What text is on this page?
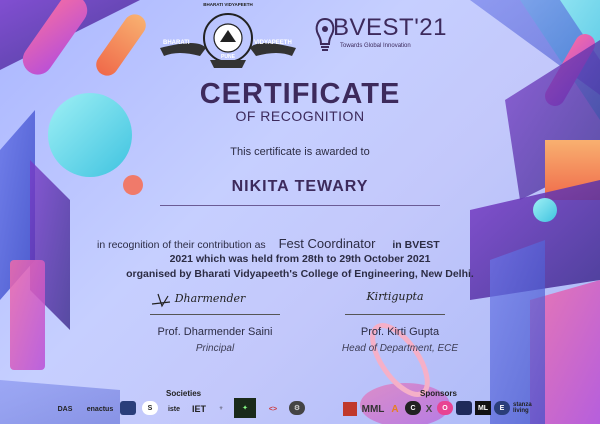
BHARATI	VIDYAPEETH
PUNE
BHARATI VIDYAPEETH
BVEST'21
Towards Global Innovation
CERTIFICATE
OF RECOGNITION
This certificate is awarded to
NIKITA TEWARY
in recognition of their contribution as Fest Coordinator in BVEST
2021 which was held from 28th to 29th October 2021
organised by Bharati Vidyapeeth's College of Engineering, New Delhi.
Dharmender
Prof. Dharmender Saini
Principal
Kirtigupta
Prof. Kirti Gupta
Head of Department, ECE
Societies
DAS	enactus	S	iste	IET	♆	✦	<>	⚙
Sponsors
MML A	C	X	O	ML	E	stanza living
